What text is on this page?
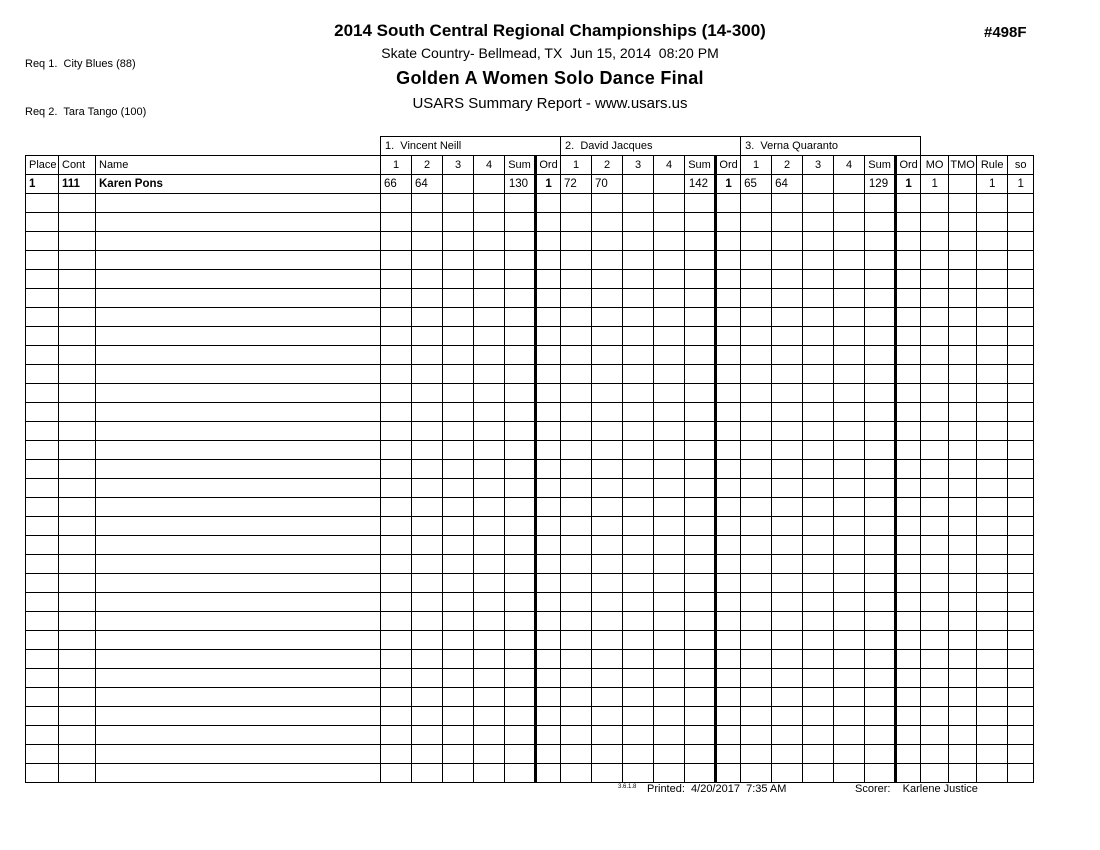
Req 1.  City Blues (88)

Req 2.  Tara Tango (100)

2014 South Central Regional Championships (14-300)
Skate Country- Bellmead, TX  Jun 15, 2014  08:20 PM
Golden A Women Solo Dance Final
USARS Summary Report - www.usars.us
#498F
			1.  Vincent Neill						2.  David Jacques						3.  Verna Quaranto									
Place	Cont	Name	1	2	3	4	Sum	Ord	1	2	3	4	Sum	Ord	1	2	3	4	Sum	Ord	MO	TMO	Rule	so
1	111	Karen Pons	66	64			130	1	72	70			142	1	65	64			129	1	1		1	1

3.6.1.8 Printed:  4/20/2017  7:35 AM	Scorer:    Karlene Justice
